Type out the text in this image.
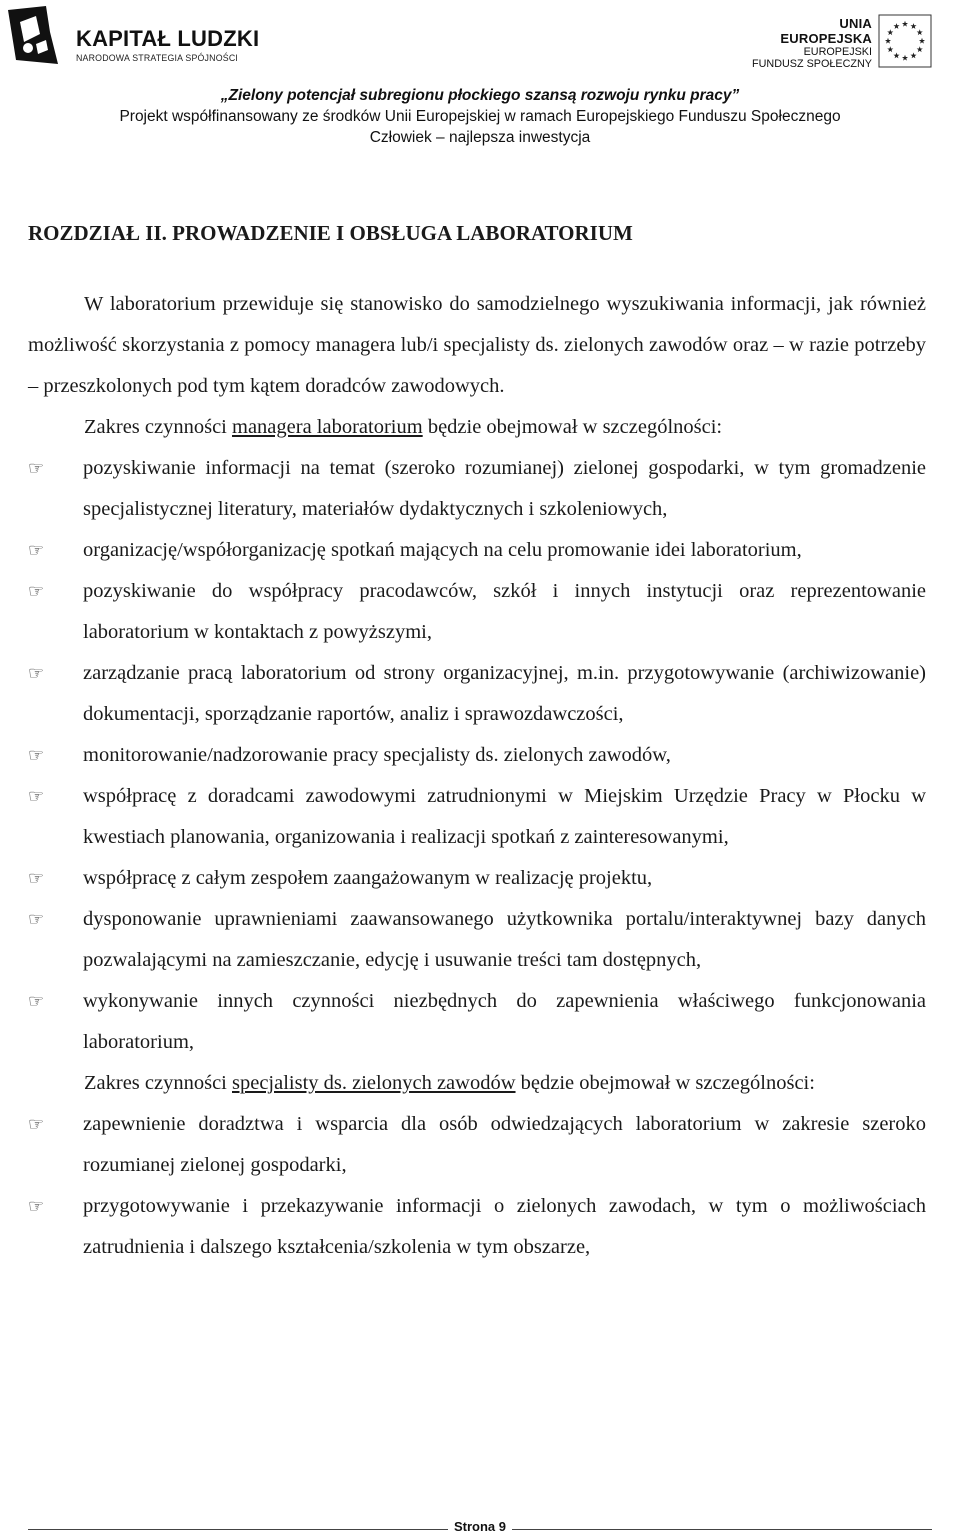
KAPITAŁ LUDZKI
NARODOWA STRATEGIA SPÓJNOŚCI
UNIA EUROPEJSKA
EUROPEJSKI
FUNDUSZ SPOŁECZNY
„Zielony potencjał subregionu płockiego szansą rozwoju rynku pracy”
Projekt współfinansowany ze środków Unii Europejskiej w ramach Europejskiego Funduszu Społecznego
Człowiek – najlepsza inwestycja
ROZDZIAŁ II. PROWADZENIE I OBSŁUGA LABORATORIUM

W laboratorium przewiduje się stanowisko do samodzielnego wyszukiwania informacji, jak również możliwość skorzystania z pomocy managera lub/i specjalisty ds. zielonych zawodów oraz – w razie potrzeby – przeszkolonych pod tym kątem doradców zawodowych.

Zakres czynności managera laboratorium będzie obejmował w szczególności:

☞	pozyskiwanie informacji na temat (szeroko rozumianej) zielonej gospodarki, w tym gromadzenie specjalistycznej literatury, materiałów dydaktycznych i szkoleniowych,
☞	organizację/współorganizację spotkań mających na celu promowanie idei laboratorium,
☞	pozyskiwanie do współpracy pracodawców, szkół i innych instytucji oraz reprezentowanie laboratorium w kontaktach z powyższymi,
☞	zarządzanie pracą laboratorium od strony organizacyjnej, m.in. przygotowywanie (archiwizowanie) dokumentacji, sporządzanie raportów, analiz i sprawozdawczości,
☞	monitorowanie/nadzorowanie pracy specjalisty ds. zielonych zawodów,
☞	współpracę z doradcami zawodowymi zatrudnionymi w Miejskim Urzędzie Pracy w Płocku w kwestiach planowania, organizowania i realizacji spotkań z zainteresowanymi,
☞	współpracę z całym zespołem zaangażowanym w realizację projektu,
☞	dysponowanie uprawnieniami zaawansowanego użytkownika portalu/interaktywnej bazy danych pozwalającymi na zamieszczanie, edycję i usuwanie treści tam dostępnych,
☞	wykonywanie innych czynności niezbędnych do zapewnienia właściwego funkcjonowania laboratorium,

Zakres czynności specjalisty ds. zielonych zawodów będzie obejmował w szczególności:

☞	zapewnienie doradztwa i wsparcia dla osób odwiedzających laboratorium w zakresie szeroko rozumianej zielonej gospodarki,
☞	przygotowywanie i przekazywanie informacji o zielonych zawodach, w tym o możliwościach zatrudnienia i dalszego kształcenia/szkolenia w tym obszarze,
Strona 9
